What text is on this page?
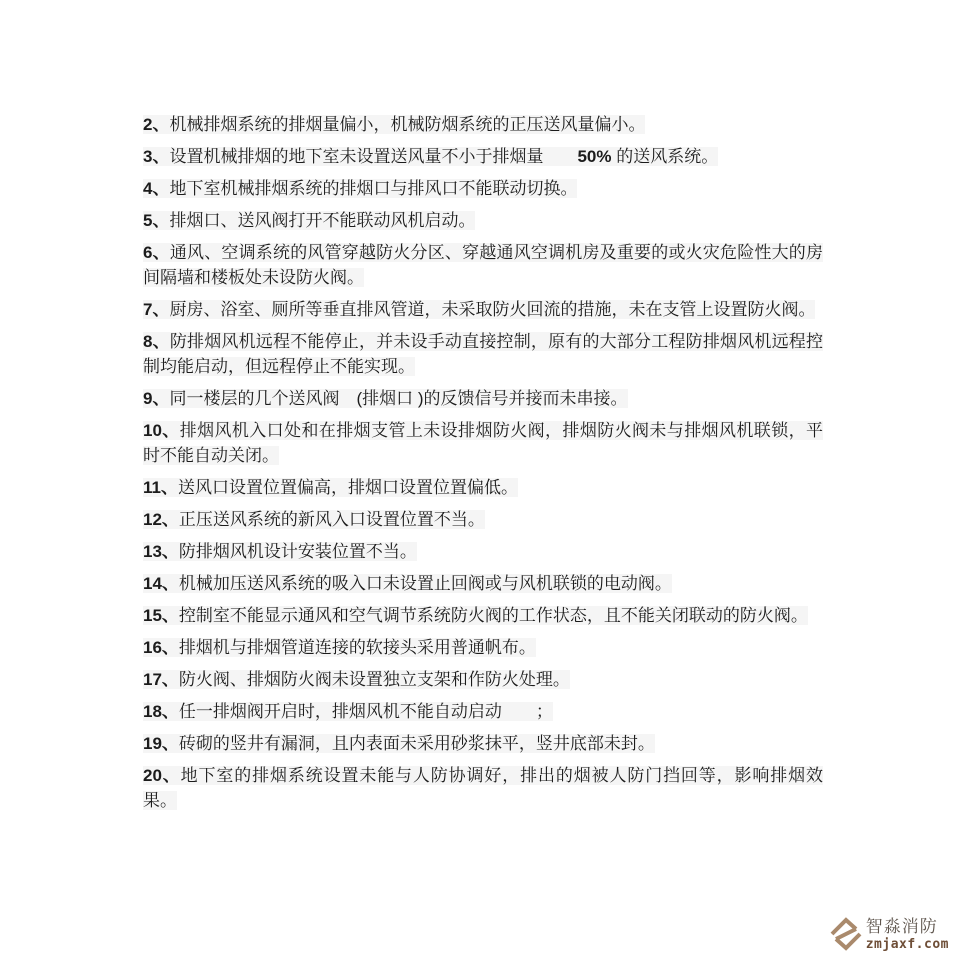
2、机械排烟系统的排烟量偏小，机械防烟系统的正压送风量偏小。

3、设置机械排烟的地下室未设置送风量不小于排烟量　　50% 的送风系统。

4、地下室机械排烟系统的排烟口与排风口不能联动切换。

5、排烟口、送风阀打开不能联动风机启动。

6、通风、空调系统的风管穿越防火分区、穿越通风空调机房及重要的或火灾危险性大的房间隔墙和楼板处未设防火阀。

7、厨房、浴室、厕所等垂直排风管道，未采取防火回流的措施，未在支管上设置防火阀。

8、防排烟风机远程不能停止，并未设手动直接控制，原有的大部分工程防排烟风机远程控制均能启动，但远程停止不能实现。

9、同一楼层的几个送风阀　(排烟口 )的反馈信号并接而未串接。

10、排烟风机入口处和在排烟支管上未设排烟防火阀，排烟防火阀未与排烟风机联锁，平时不能自动关闭。

11、送风口设置位置偏高，排烟口设置位置偏低。

12、正压送风系统的新风入口设置位置不当。

13、防排烟风机设计安装位置不当。

14、机械加压送风系统的吸入口未设置止回阀或与风机联锁的电动阀。

15、控制室不能显示通风和空气调节系统防火阀的工作状态，且不能关闭联动的防火阀。

16、排烟机与排烟管道连接的软接头采用普通帆布。

17、防火阀、排烟防火阀未设置独立支架和作防火处理。

18、任一排烟阀开启时，排烟风机不能自动启动　　；

19、砖砌的竖井有漏洞，且内表面未采用砂浆抹平，竖井底部未封。

20、地下室的排烟系统设置未能与人防协调好，排出的烟被人防门挡回等，影响排烟效果。

智淼消防
zmjaxf.com
